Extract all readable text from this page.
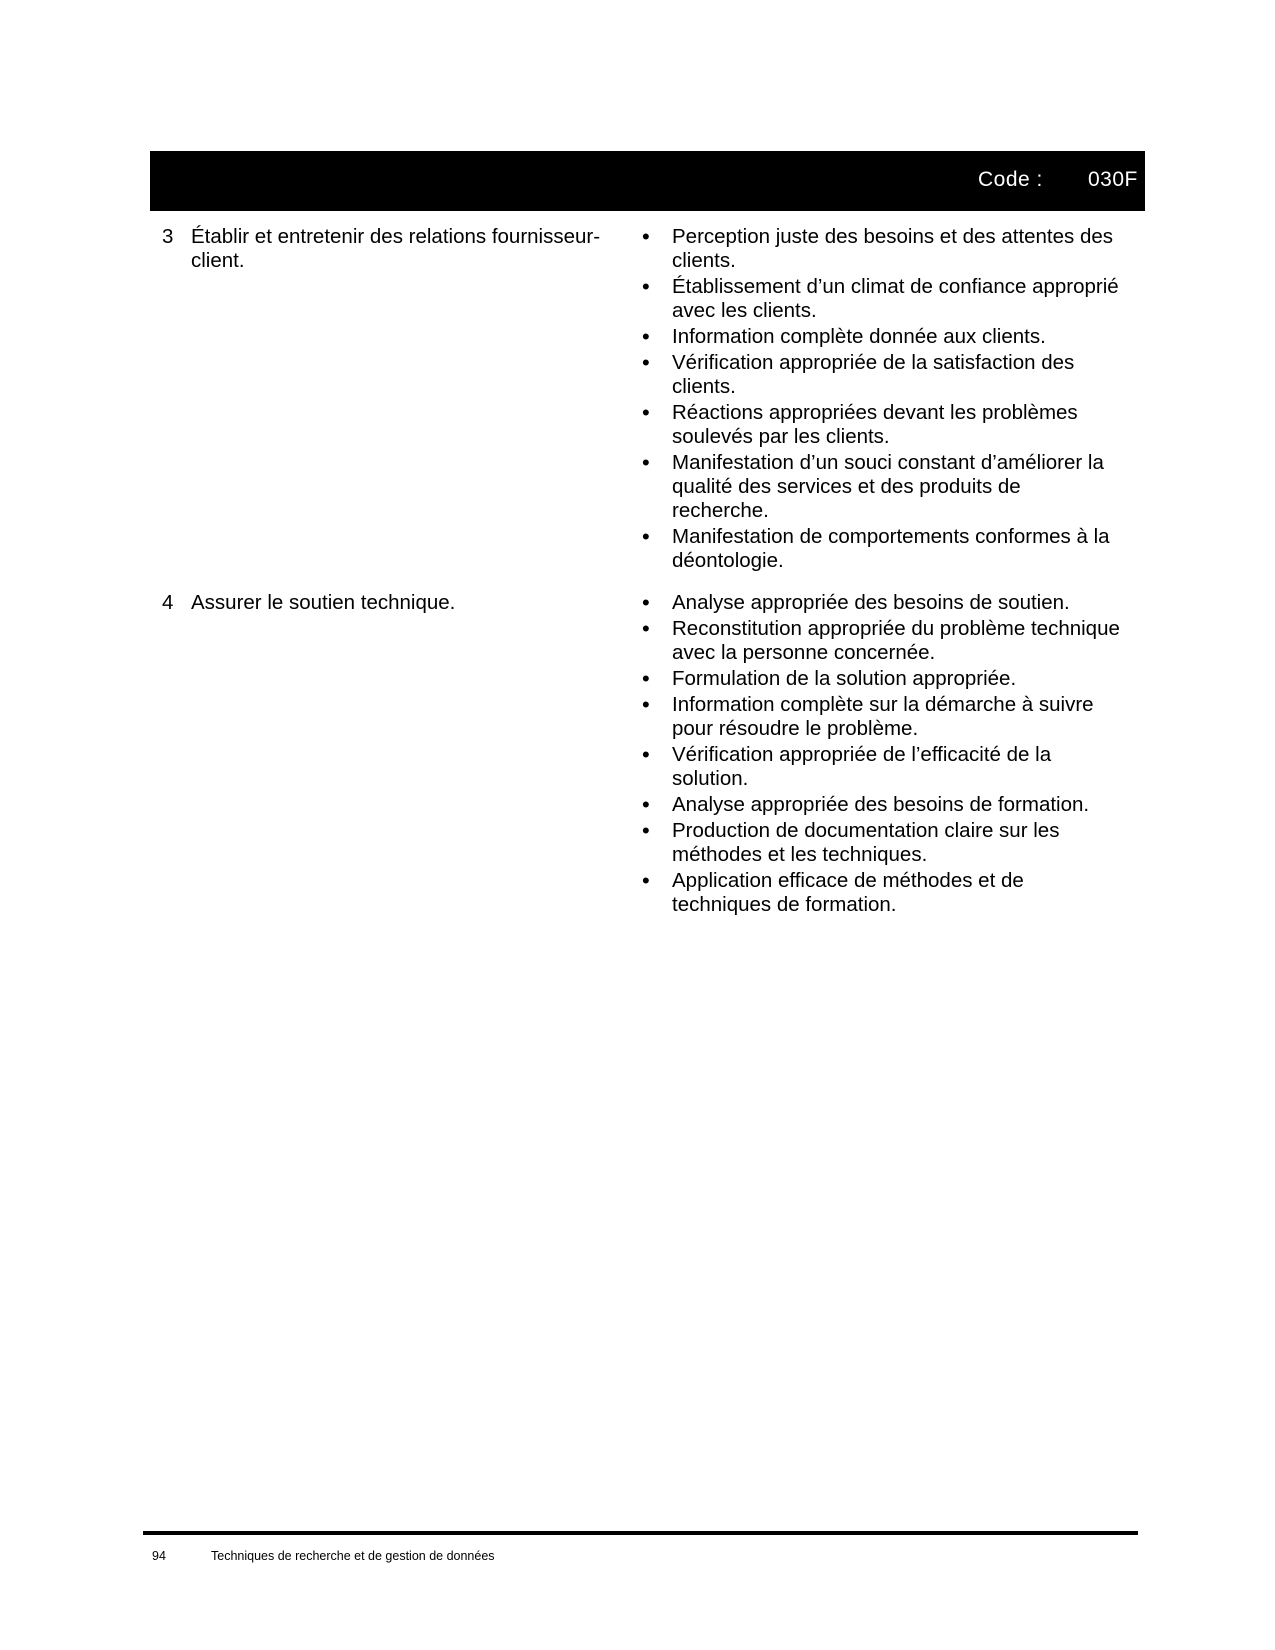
Code : 030F
3 Établir et entretenir des relations fournisseur-client.
• Perception juste des besoins et des attentes des clients.
• Établissement d’un climat de confiance approprié avec les clients.
• Information complète donnée aux clients.
• Vérification appropriée de la satisfaction des clients.
• Réactions appropriées devant les problèmes soulevés par les clients.
• Manifestation d’un souci constant d’améliorer la qualité des services et des produits de recherche.
• Manifestation de comportements conformes à la déontologie.
4 Assurer le soutien technique.
•	Analyse appropriée des besoins de soutien.
• Reconstitution appropriée du problème technique avec la personne concernée.
• Formulation de la solution appropriée.
• Information complète sur la démarche à suivre pour résoudre le problème.
• Vérification appropriée de l’efficacité de la solution.
• Analyse appropriée des besoins de formation.
• Production de documentation claire sur les méthodes et les techniques.
• Application efficace de méthodes et de techniques de formation.
94	Techniques de recherche et de gestion de données
